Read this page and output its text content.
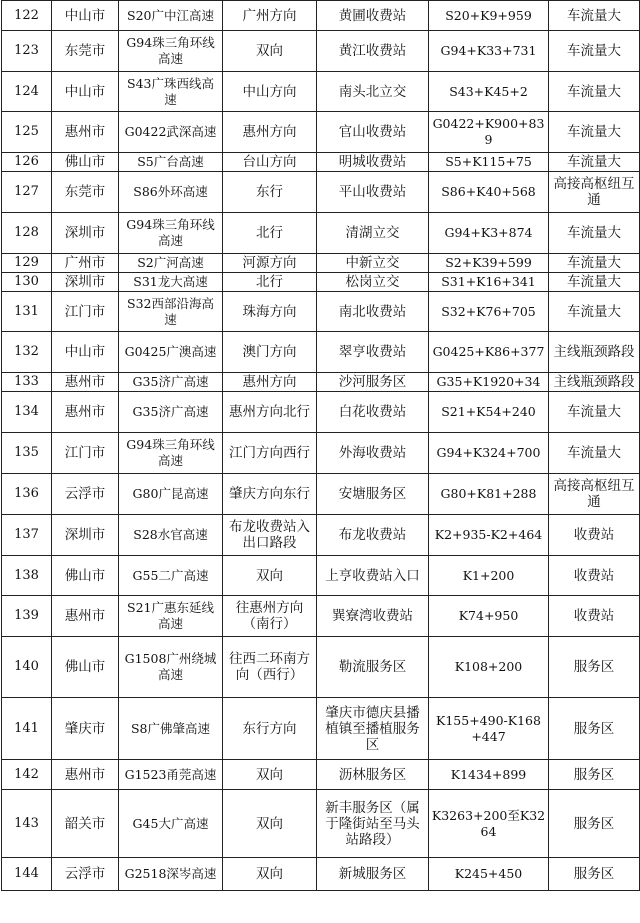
122	中山市	S20广中江高速	广州方向	黄圃收费站	S20+K9+959	车流量大
123	东莞市	G94珠三角环线高速	双向	黄江收费站	G94+K33+731	车流量大
124	中山市	S43广珠西线高速	中山方向	南头北立交	S43+K45+2	车流量大
125	惠州市	G0422武深高速	惠州方向	官山收费站	G0422+K900+839	车流量大
126	佛山市	S5广台高速	台山方向	明城收费站	S5+K115+75	车流量大
127	东莞市	S86外环高速	东行	平山收费站	S86+K40+568	高接高枢纽互通
128	深圳市	G94珠三角环线高速	北行	清湖立交	G94+K3+874	车流量大
129	广州市	S2广河高速	河源方向	中新立交	S2+K39+599	车流量大
130	深圳市	S31龙大高速	北行	松岗立交	S31+K16+341	车流量大
131	江门市	S32西部沿海高速	珠海方向	南北收费站	S32+K76+705	车流量大
132	中山市	G0425广澳高速	澳门方向	翠亨收费站	G0425+K86+377	主线瓶颈路段
133	惠州市	G35济广高速	惠州方向	沙河服务区	G35+K1920+34	主线瓶颈路段
134	惠州市	G35济广高速	惠州方向北行	白花收费站	S21+K54+240	车流量大
135	江门市	G94珠三角环线高速	江门方向西行	外海收费站	G94+K324+700	车流量大
136	云浮市	G80广昆高速	肇庆方向东行	安塘服务区	G80+K81+288	高接高枢纽互通
137	深圳市	S28水官高速	布龙收费站入出口路段	布龙收费站	K2+935-K2+464	收费站
138	佛山市	G55二广高速	双向	上亨收费站入口	K1+200	收费站
139	惠州市	S21广惠东延线高速	往惠州方向（南行）	巽寮湾收费站	K74+950	收费站
140	佛山市	G1508广州绕城高速	往西二环南方向（西行）	勒流服务区	K108+200	服务区
141	肇庆市	S8广佛肇高速	东行方向	肇庆市德庆县播植镇至播植服务区	K155+490-K168+447	服务区
142	惠州市	G1523甬莞高速	双向	沥林服务区	K1434+899	服务区
143	韶关市	G45大广高速	双向	新丰服务区（属于隆街站至马头站路段）	K3263+200至K3264	服务区
144	云浮市	G2518深岑高速	双向	新城服务区	K245+450	服务区
